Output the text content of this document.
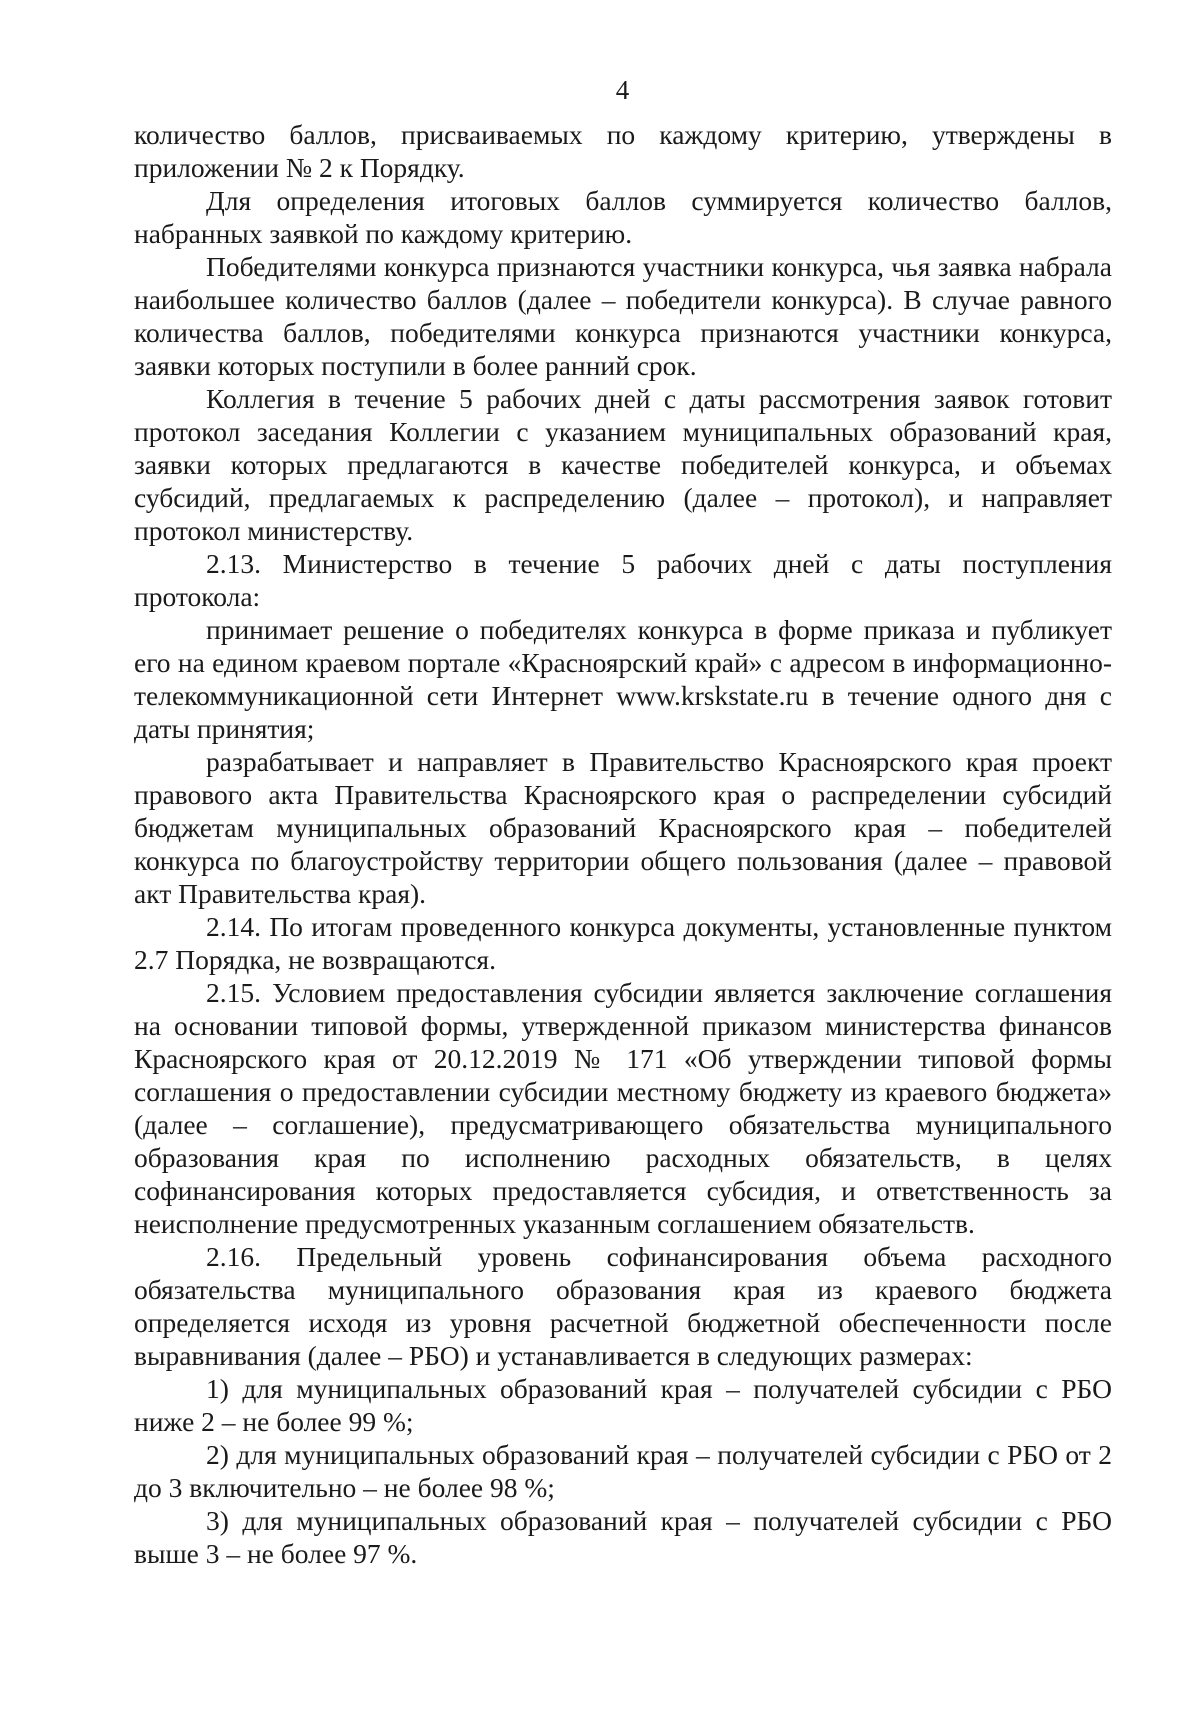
4

количество баллов, присваиваемых по каждому критерию, утверждены в приложении № 2 к Порядку.

Для определения итоговых баллов суммируется количество баллов, набранных заявкой по каждому критерию.

Победителями конкурса признаются участники конкурса, чья заявка набрала наибольшее количество баллов (далее – победители конкурса). В случае равного количества баллов, победителями конкурса признаются участники конкурса, заявки которых поступили в более ранний срок.

Коллегия в течение 5 рабочих дней с даты рассмотрения заявок готовит протокол заседания Коллегии с указанием муниципальных образований края, заявки которых предлагаются в качестве победителей конкурса, и объемах субсидий, предлагаемых к распределению (далее – протокол), и направляет протокол министерству.

2.13. Министерство в течение 5 рабочих дней с даты поступления протокола:

принимает решение о победителях конкурса в форме приказа и публикует его на едином краевом портале «Красноярский край» с адресом в информационно-телекоммуникационной сети Интернет www.krskstate.ru в течение одного дня с даты принятия;

разрабатывает и направляет в Правительство Красноярского края проект правового акта Правительства Красноярского края о распределении субсидий бюджетам муниципальных образований Красноярского края – победителей конкурса по благоустройству территории общего пользования (далее – правовой акт Правительства края).

2.14. По итогам проведенного конкурса документы, установленные пунктом 2.7 Порядка, не возвращаются.

2.15. Условием предоставления субсидии является заключение соглашения на основании типовой формы, утвержденной приказом министерства финансов Красноярского края от 20.12.2019 № 171 «Об утверждении типовой формы соглашения о предоставлении субсидии местному бюджету из краевого бюджета» (далее – соглашение), предусматривающего обязательства муниципального образования края по исполнению расходных обязательств, в целях софинансирования которых предоставляется субсидия, и ответственность за неисполнение предусмотренных указанным соглашением обязательств.

2.16. Предельный уровень софинансирования объема расходного обязательства муниципального образования края из краевого бюджета определяется исходя из уровня расчетной бюджетной обеспеченности после выравнивания (далее – РБО) и устанавливается в следующих размерах:

1) для муниципальных образований края – получателей субсидии с РБО ниже 2 – не более 99 %;

2) для муниципальных образований края – получателей субсидии с РБО от 2 до 3 включительно – не более 98 %;

3) для муниципальных образований края – получателей субсидии с РБО выше 3 – не более 97 %.
